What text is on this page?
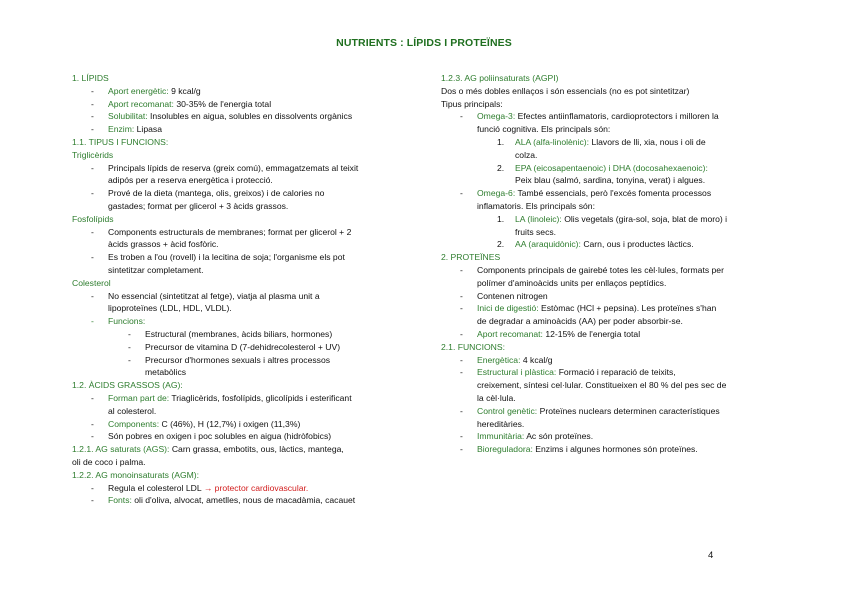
NUTRIENTS : LÍPIDS I PROTEÏNES
1. LÍPIDS
- Aport energètic: 9 kcal/g
- Aport recomanat: 30-35% de l'energia total
- Solubilitat: Insolubles en aigua, solubles en dissolvents orgànics
- Enzim: Lipasa
1.1. TIPUS I FUNCIONS:
Triglicèrids
- Principals lípids de reserva (greix comú), emmagatzemats al teixit
adipós per a reserva energètica i protecció.
- Prové de la dieta (mantega, olis, greixos) i de calories no
gastades; format per glicerol + 3 àcids grassos.
Fosfolípids
- Components estructurals de membranes; format per glicerol + 2
àcids grassos + àcid fosfòric.
- Es troben a l'ou (rovell) i la lecitina de soja; l'organisme els pot
sintetitzar completament.
Colesterol
- No essencial (sintetitzat al fetge), viatja al plasma unit a
lipoproteïnes (LDL, HDL, VLDL).
- Funcions:
- Estructural (membranes, àcids biliars, hormones)
- Precursor de vitamina D (7-dehidrecolesterol + UV)
- Precursor d'hormones sexuals i altres processos
metabòlics
1.2. ÀCIDS GRASSOS (AG):
- Forman part de: Triaglicèrids, fosfolípids, glicolípids i esterificant
al colesterol.
- Components: C (46%), H (12,7%) i oxigen (11,3%)
- Són pobres en oxigen i poc solubles en aigua (hidròfobics)
1.2.1. AG saturats (AGS): Carn grassa, embotits, ous, làctics, mantega,
oli de coco i palma.
1.2.2. AG monoinsaturats (AGM):
- Regula el colesterol LDL → protector cardiovascular.
- Fonts: oli d'oliva, alvocat, ametlles, nous de macadàmia, cacauet
1.2.3. AG poliinsaturats (AGPI)
Dos o més dobles enllaços i són essencials (no es pot sintetitzar)
Tipus principals:
- Omega-3: Efectes antiinflamatoris, cardioprotectors i milloren la
funció cognitiva. Els principals són:
1. ALA (alfa-linolènic): Llavors de lli, xia, nous i oli de
colza.
2. EPA (eicosapentaenoic) i DHA (docosahexaenoic):
Peix blau (salmó, sardina, tonyina, verat) i algues.
- Omega-6: També essencials, però l'excés fomenta processos
inflamatoris. Els principals són:
1. LA (linoleic): Olis vegetals (gira-sol, soja, blat de moro) i
fruits secs.
2. AA (araquidònic): Carn, ous i productes làctics.
2. PROTEÏNES
- Components principals de gairebé totes les cèl·lules, formats per
polímer d'aminoàcids units per enllaços peptídics.
- Contenen nitrogen
- Inici de digestió: Estòmac (HCl + pepsina). Les proteïnes s'han
de degradar a aminoàcids (AA) per poder absorbir-se.
- Aport recomanat: 12-15% de l'energia total
2.1. FUNCIONS:
- Energètica: 4 kcal/g
- Estructural i plàstica: Formació i reparació de teixits,
creixement, síntesi cel·lular. Constitueixen el 80 % del pes sec de
la cèl·lula.
- Control genètic: Proteïnes nuclears determinen característiques
hereditàries.
- Immunitària: Ac són proteïnes.
- Bioreguladora: Enzims i algunes hormones són proteïnes.
4
